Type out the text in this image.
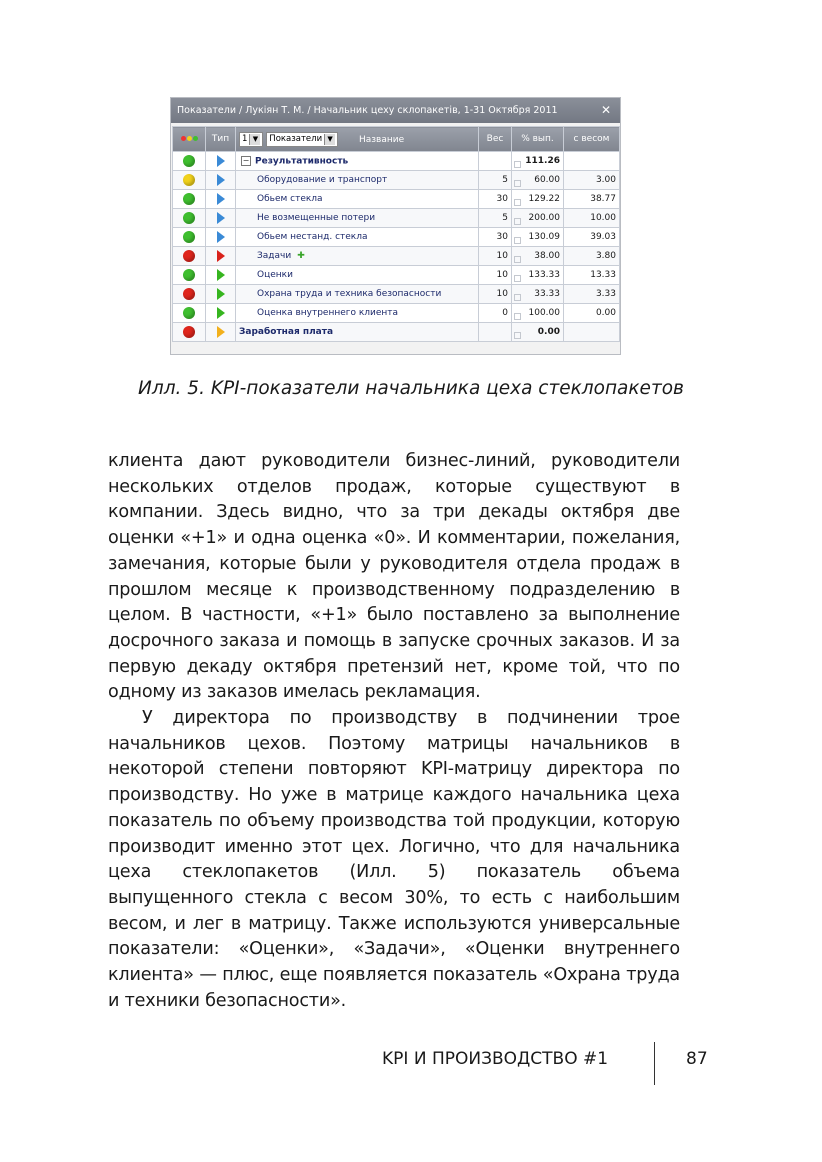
Показатели / Лукіян Т. М. / Начальник цеху склопакетів, 1-31 Октября 2011	✕
	Тип	1 ▼ Показатели ▼ Название	Вес	% вып.	с весом
		− Результативность		111.26	
		Оборудование и транспорт	5	60.00	3.00
		Обьем стекла	30	129.22	38.77
		Не возмещенные потери	5	200.00	10.00
		Обьем нестанд. стекла	30	130.09	39.03
		Задачи ✚	10	38.00	3.80
		Оценки	10	133.33	13.33
		Охрана труда и техника безопасности	10	33.33	3.33
		Оценка внутреннего клиента	0	100.00	0.00
		Заработная плата		0.00	
Илл. 5. KPI-показатели начальника цеха стеклопакетов

клиента дают руководители бизнес-линий, руководители нескольких отделов продаж, которые существуют в компании. Здесь видно, что за три декады октября две оценки «+1» и одна оценка «0». И комментарии, пожелания, замечания, которые были у руководителя отдела продаж в прошлом месяце к производственному подразделению в целом. В частности, «+1» было поставлено за выполнение досрочного заказа и помощь в запуске срочных заказов. И за первую декаду октября претензий нет, кроме той, что по одному из заказов имелась рекламация.

У директора по производству в подчинении трое начальников цехов. Поэтому матрицы начальников в некоторой степени повторяют KPI-матрицу директора по производству. Но уже в матрице каждого начальника цеха показатель по объему производства той продукции, которую производит именно этот цех. Логично, что для начальника цеха стеклопакетов (Илл. 5) показатель объема выпущенного стекла с весом 30%, то есть с наибольшим весом, и лег в матрицу. Также используются универсальные показатели: «Оценки», «Задачи», «Оценки внутреннего клиента» — плюс, еще появляется показатель «Охрана труда и техники безопасности».

KPI И ПРОИЗВОДСТВО #1	87
